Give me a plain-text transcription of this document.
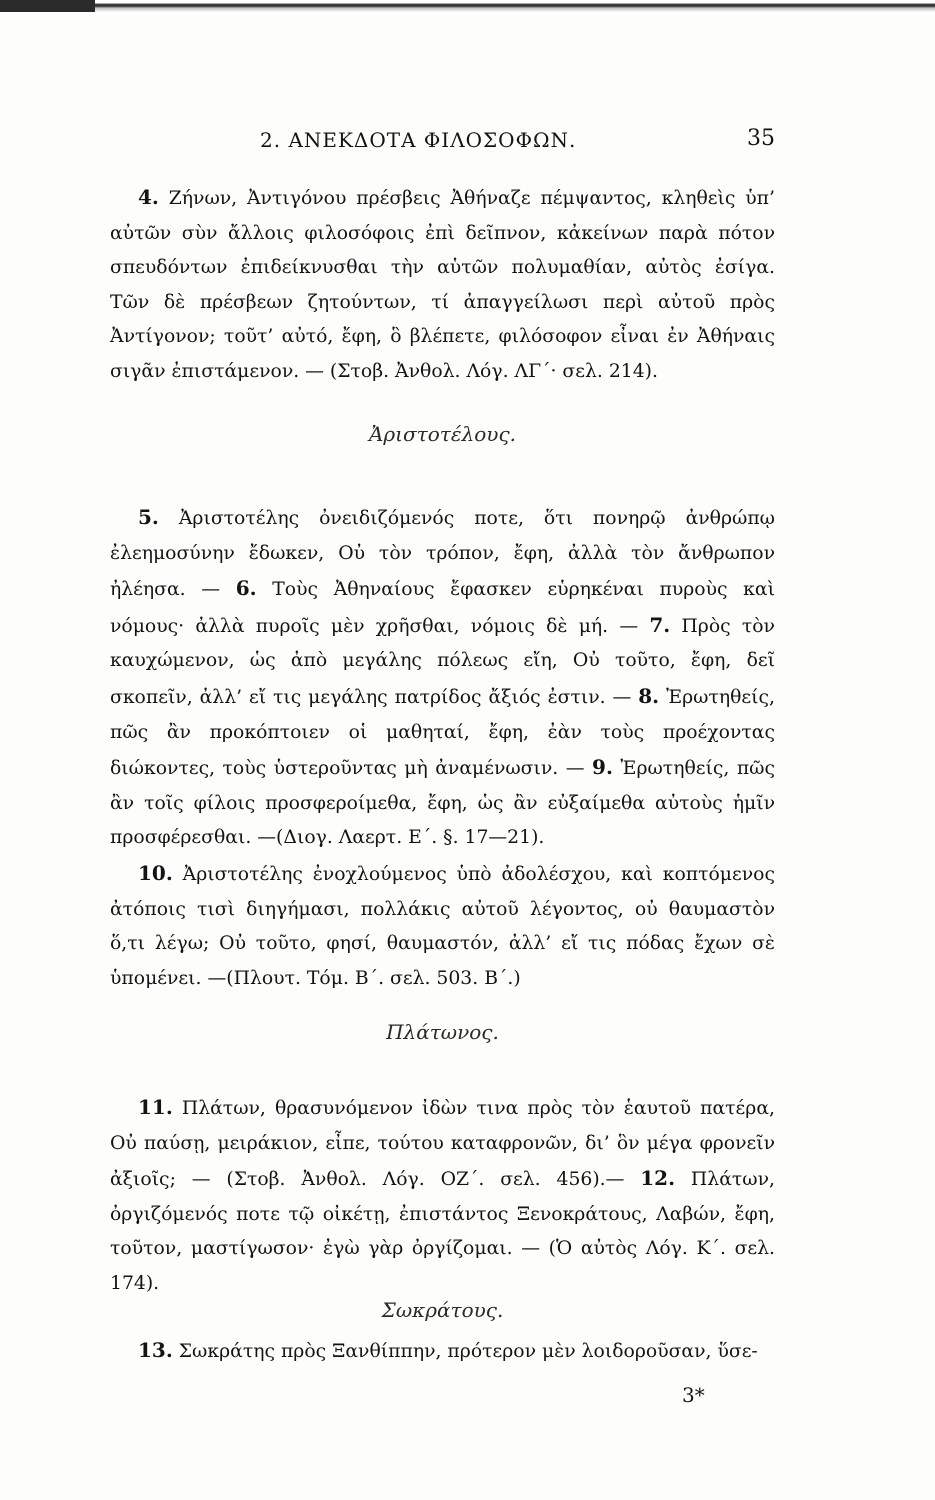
2. ΑΝΕΚΔΟΤΑ ΦΙΛΟΣΟΦΩΝ.	35

4. Ζήνων, Ἀντιγόνου πρέσβεις Ἀθήναζε πέμψαντος, κληθεὶς ὑπ’ αὐτῶν σὺν ἄλλοις φιλοσόφοις ἐπὶ δεῖπνον, κἀκείνων παρὰ πότον σπευδόντων ἐπιδείκνυσθαι τὴν αὑτῶν πολυμαθίαν, αὐτὸς ἐσίγα. Τῶν δὲ πρέσβεων ζητούντων, τί ἀπαγγείλωσι περὶ αὐτοῦ πρὸς Ἀντίγονον; τοῦτ’ αὐτό, ἔφη, ὃ βλέπετε, φιλόσοφον εἶναι ἐν Ἀθήναις σιγᾶν ἐπιστάμενον. — (Στοβ. Ἀνθολ. Λόγ. ΛΓ΄· σελ. 214).

Ἀριστοτέλους.

5. Ἀριστοτέλης ὀνειδιζόμενός ποτε, ὅτι πονηρῷ ἀνθρώπῳ ἐλεημοσύνην ἔδωκεν, Οὐ τὸν τρόπον, ἔφη, ἀλλὰ τὸν ἄνθρωπον ἠλέησα. — 6. Τοὺς Ἀθηναίους ἔφασκεν εὑρηκέναι πυροὺς καὶ νόμους· ἀλλὰ πυροῖς μὲν χρῆσθαι, νόμοις δὲ μή. — 7. Πρὸς τὸν καυχώμενον, ὡς ἀπὸ μεγάλης πόλεως εἴη, Οὐ τοῦτο, ἔφη, δεῖ σκοπεῖν, ἀλλ’ εἴ τις μεγάλης πατρίδος ἄξιός ἐστιν. — 8. Ἐρωτηθείς, πῶς ἂν προκόπτοιεν οἱ μαθηταί, ἔφη, ἐὰν τοὺς προέχοντας διώκοντες, τοὺς ὑστεροῦντας μὴ ἀναμένωσιν. — 9. Ἐρωτηθείς, πῶς ἂν τοῖς φίλοις προσφεροίμεθα, ἔφη, ὡς ἂν εὐξαίμεθα αὐτοὺς ἡμῖν προσφέρεσθαι. —(Διογ. Λαερτ. Ε΄. §. 17—21).

10. Ἀριστοτέλης ἐνοχλούμενος ὑπὸ ἀδολέσχου, καὶ κοπτόμενος ἀτόποις τισὶ διηγήμασι, πολλάκις αὐτοῦ λέγοντος, οὐ θαυμαστὸν ὅ,τι λέγω; Οὐ τοῦτο, φησί, θαυμαστόν, ἀλλ’ εἴ τις πόδας ἔχων σὲ ὑπομένει. —(Πλουτ. Τόμ. Β΄. σελ. 503. Β΄.)

Πλάτωνος.

11. Πλάτων, θρασυνόμενον ἰδὼν τινα πρὸς τὸν ἑαυτοῦ πατέρα, Οὐ παύσῃ, μειράκιον, εἶπε, τούτου καταφρονῶν, δι’ ὃν μέγα φρονεῖν ἀξιοῖς; — (Στοβ. Ἀνθολ. Λόγ. ΟΖ΄. σελ. 456).— 12. Πλάτων, ὀργιζόμενός ποτε τῷ οἰκέτῃ, ἐπιστάντος Ξενοκράτους, Λαβών, ἔφη, τοῦτον, μαστίγωσον· ἐγὼ γὰρ ὀργίζομαι. — (Ὁ αὐτὸς Λόγ. Κ΄. σελ. 174).

Σωκράτους.

13. Σωκράτης πρὸς Ξανθίππην, πρότερον μὲν λοιδοροῦσαν, ὕσε-

3*
